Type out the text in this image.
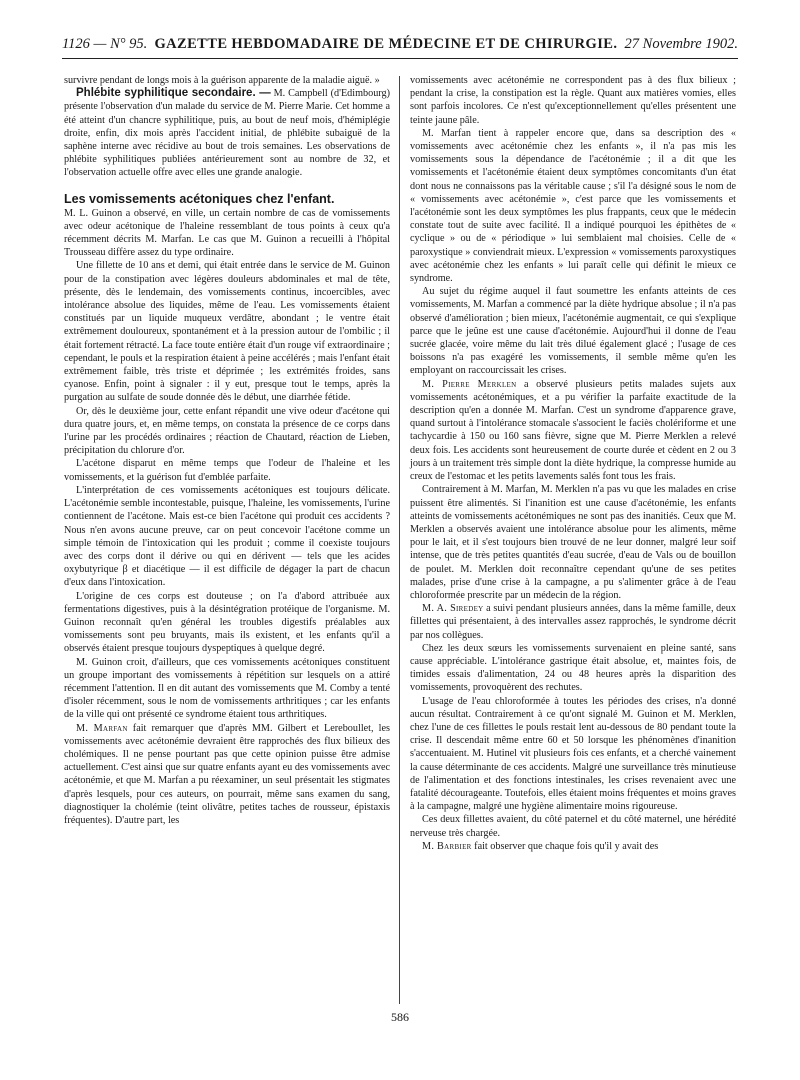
1126 — N° 95. GAZETTE HEBDOMADAIRE DE MÉDECINE ET DE CHIRURGIE. 27 Novembre 1902.

survivre pendant de longs mois à la guérison apparente de la maladie aiguë. »

Phlébite syphilitique secondaire. — M. Campbell (d'Edimbourg) présente l'observation d'un malade du service de M. Pierre Marie. Cet homme a été atteint d'un chancre syphilitique, puis, au bout de neuf mois, d'hémiplégie droite, enfin, dix mois après l'accident initial, de phlébite subaiguë de la saphène interne avec récidive au bout de trois semaines. Les observations de phlébite syphilitiques publiées antérieurement sont au nombre de 32, et l'observation actuelle offre avec elles une grande analogie.

Les vomissements acétoniques chez l'enfant.

M. L. Guinon a observé, en ville, un certain nombre de cas de vomissements avec odeur acétonique de l'haleine ressemblant de tous points à ceux qu'a récemment décrits M. Marfan. Le cas que M. Guinon a recueilli à l'hôpital Trousseau diffère assez du type ordinaire.

Une fillette de 10 ans et demi, qui était entrée dans le service de M. Guinon pour de la constipation avec légères douleurs abdominales et mal de tête, présente, dès le lendemain, des vomissements continus, incoercibles, avec intolérance absolue des liquides, même de l'eau. Les vomissements étaient constitués par un liquide muqueux verdâtre, abondant ; le ventre était extrêmement douloureux, spontanément et à la pression autour de l'ombilic ; il était fortement rétracté. La face toute entière était d'un rouge vif extraordinaire ; cependant, le pouls et la respiration étaient à peine accélérés ; mais l'enfant était extrêmement faible, très triste et déprimée ; les extrémités froides, sans cyanose. Enfin, point à signaler : il y eut, presque tout le temps, après la purgation au sulfate de soude donnée dès le début, une diarrhée fétide.

Or, dès le deuxième jour, cette enfant répandit une vive odeur d'acétone qui dura quatre jours, et, en même temps, on constata la présence de ce corps dans l'urine par les procédés ordinaires ; réaction de Chautard, réaction de Lieben, précipitation du chlorure d'or.

L'acétone disparut en même temps que l'odeur de l'haleine et les vomissements, et la guérison fut d'emblée parfaite.

L'interprétation de ces vomissements acétoniques est toujours délicate. L'acétonémie semble incontestable, puisque, l'haleine, les vomissements, l'urine contiennent de l'acétone. Mais est-ce bien l'acétone qui produit ces accidents ? Nous n'en avons aucune preuve, car on peut concevoir l'acétone comme un simple témoin de l'intoxication qui les produit ; comme il coexiste toujours avec des corps dont il dérive ou qui en dérivent — tels que les acides oxybutyrique β et diacétique — il est difficile de dégager la part de chacun d'eux dans l'intoxication.

L'origine de ces corps est douteuse ; on l'a d'abord attribuée aux fermentations digestives, puis à la désintégration protéique de l'organisme. M. Guinon reconnaît qu'en général les troubles digestifs préalables aux vomissements sont peu bruyants, mais ils existent, et les enfants qu'il a observés étaient presque toujours dyspeptiques à quelque degré.

M. Guinon croit, d'ailleurs, que ces vomissements acétoniques constituent un groupe important des vomissements à répétition sur lesquels on a attiré récemment l'attention. Il en dit autant des vomissements que M. Comby a tenté d'isoler récemment, sous le nom de vomissements arthritiques ; car les enfants de la ville qui ont présenté ce syndrome étaient tous arthritiques.

M. Marfan fait remarquer que d'après MM. Gilbert et Lereboullet, les vomissements avec acétonémie devraient être rapprochés des flux bilieux des cholémiques. Il ne pense pourtant pas que cette opinion puisse être admise actuellement. C'est ainsi que sur quatre enfants ayant eu des vomissements avec acétonémie, et que M. Marfan a pu réexaminer, un seul présentait les stigmates d'après lesquels, pour ces auteurs, on pourrait, même sans examen du sang, diagnostiquer la cholémie (teint olivâtre, petites taches de rousseur, épistaxis fréquentes). D'autre part, les

vomissements avec acétonémie ne correspondent pas à des flux bilieux ; pendant la crise, la constipation est la règle. Quant aux matières vomies, elles sont parfois incolores. Ce n'est qu'exceptionnellement qu'elles présentent une teinte jaune pâle.

M. Marfan tient à rappeler encore que, dans sa description des « vomissements avec acétonémie chez les enfants », il n'a pas mis les vomissements sous la dépendance de l'acétonémie ; il a dit que les vomissements et l'acétonémie étaient deux symptômes concomitants d'un état dont nous ne connaissons pas la véritable cause ; s'il l'a désigné sous le nom de « vomissements avec acétonémie », c'est parce que les vomissements et l'acétonémie sont les deux symptômes les plus frappants, ceux que le médecin constate tout de suite avec facilité. Il a indiqué pourquoi les épithètes de « cyclique » ou de « périodique » lui semblaient mal choisies. Celle de « paroxystique » conviendrait mieux. L'expression « vomissements paroxystiques avec acétonémie chez les enfants » lui paraît celle qui définit le mieux ce syndrome.

Au sujet du régime auquel il faut soumettre les enfants atteints de ces vomissements, M. Marfan a commencé par la diète hydrique absolue ; il n'a pas observé d'amélioration ; bien mieux, l'acétonémie augmentait, ce qui s'explique parce que le jeûne est une cause d'acétonémie. Aujourd'hui il donne de l'eau sucrée glacée, voire même du lait très dilué également glacé ; l'usage de ces boissons n'a pas exagéré les vomissements, il semble même qu'en les employant on raccourcissait les crises.

M. Pierre Merklen a observé plusieurs petits malades sujets aux vomissements acétonémiques, et a pu vérifier la parfaite exactitude de la description qu'en a donnée M. Marfan. C'est un syndrome d'apparence grave, quand surtout à l'intolérance stomacale s'associent le faciès cholériforme et une tachycardie à 150 ou 160 sans fièvre, signe que M. Pierre Merklen a relevé deux fois. Les accidents sont heureusement de courte durée et cèdent en 2 ou 3 jours à un traitement très simple dont la diète hydrique, la compresse humide au creux de l'estomac et les petits lavements salés font tous les frais.

Contrairement à M. Marfan, M. Merklen n'a pas vu que les malades en crise puissent être alimentés. Si l'inanition est une cause d'acétonémie, les enfants atteints de vomissements acétonémiques ne sont pas des inanitiés. Ceux que M. Merklen a observés avaient une intolérance absolue pour les aliments, même pour le lait, et il s'est toujours bien trouvé de ne leur donner, malgré leur soif intense, que de très petites quantités d'eau sucrée, d'eau de Vals ou de bouillon de poulet. M. Merklen doit reconnaître cependant qu'une de ses petites malades, prise d'une crise à la campagne, a pu s'alimenter grâce à de l'eau chloroformée prescrite par un médecin de la région.

M. A. Siredey a suivi pendant plusieurs années, dans la même famille, deux fillettes qui présentaient, à des intervalles assez rapprochés, le syndrome décrit par nos collègues.

Chez les deux sœurs les vomissements survenaient en pleine santé, sans cause appréciable. L'intolérance gastrique était absolue, et, maintes fois, de timides essais d'alimentation, 24 ou 48 heures après la disparition des vomissements, provoquèrent des rechutes.

L'usage de l'eau chloroformée à toutes les périodes des crises, n'a donné aucun résultat. Contrairement à ce qu'ont signalé M. Guinon et M. Merklen, chez l'une de ces fillettes le pouls restait lent au-dessous de 80 pendant toute la crise. Il descendait même entre 60 et 50 lorsque les phénomènes d'inanition s'accentuaient. M. Hutinel vit plusieurs fois ces enfants, et a cherché vainement la cause déterminante de ces accidents. Malgré une surveillance très minutieuse de l'alimentation et des fonctions intestinales, les crises revenaient avec une fatalité décourageante. Toutefois, elles étaient moins fréquentes et moins graves à la campagne, malgré une hygiène alimentaire moins rigoureuse.

Ces deux fillettes avaient, du côté paternel et du côté maternel, une hérédité nerveuse très chargée.

M. Barbier fait observer que chaque fois qu'il y avait des

586
